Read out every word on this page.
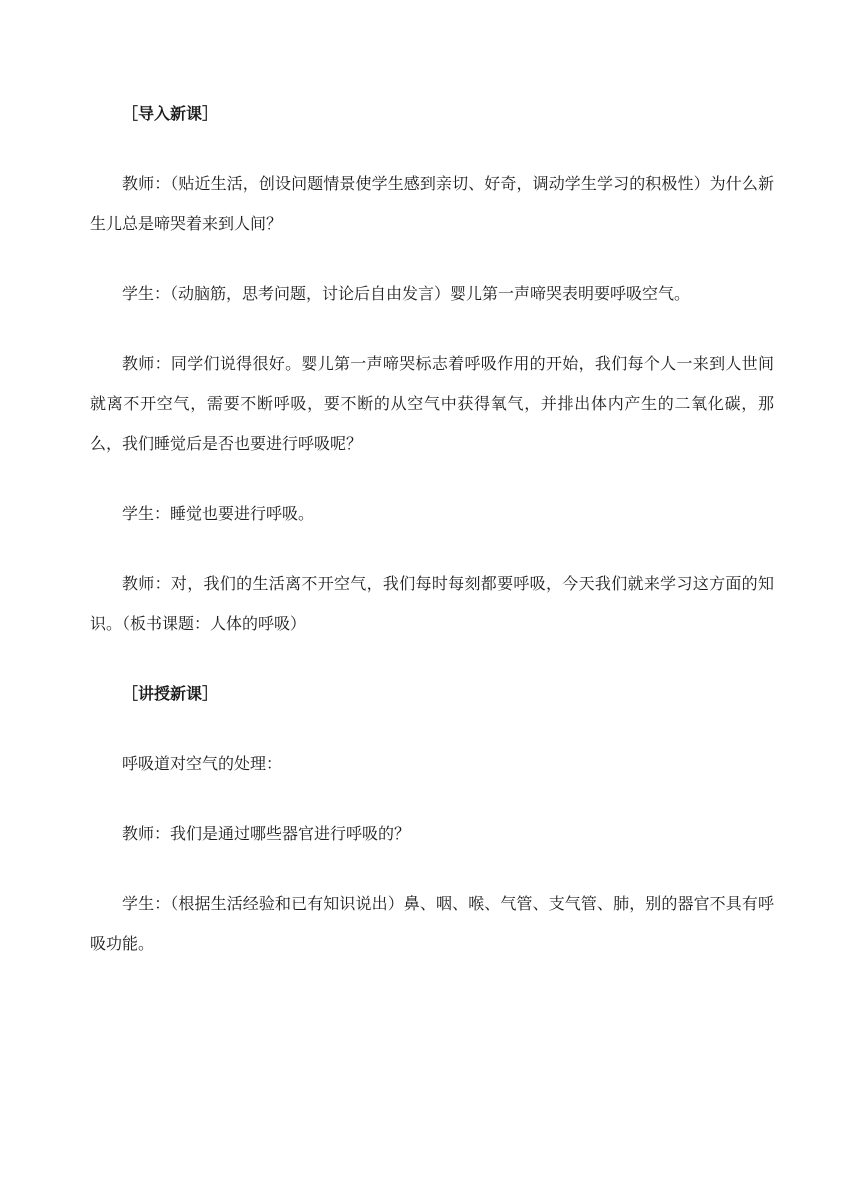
［导入新课］

教师：（贴近生活，创设问题情景使学生感到亲切、好奇，调动学生学习的积极性）为什么新生儿总是啼哭着来到人间？

学生：（动脑筋，思考问题，讨论后自由发言）婴儿第一声啼哭表明要呼吸空气。

教师：同学们说得很好。婴儿第一声啼哭标志着呼吸作用的开始，我们每个人一来到人世间就离不开空气，需要不断呼吸，要不断的从空气中获得氧气，并排出体内产生的二氧化碳，那么，我们睡觉后是否也要进行呼吸呢？

学生：睡觉也要进行呼吸。

教师：对，我们的生活离不开空气，我们每时每刻都要呼吸，今天我们就来学习这方面的知识。（板书课题：人体的呼吸）

［讲授新课］

呼吸道对空气的处理：

教师：我们是通过哪些器官进行呼吸的？

学生：（根据生活经验和已有知识说出）鼻、咽、喉、气管、支气管、肺，别的器官不具有呼吸功能。
